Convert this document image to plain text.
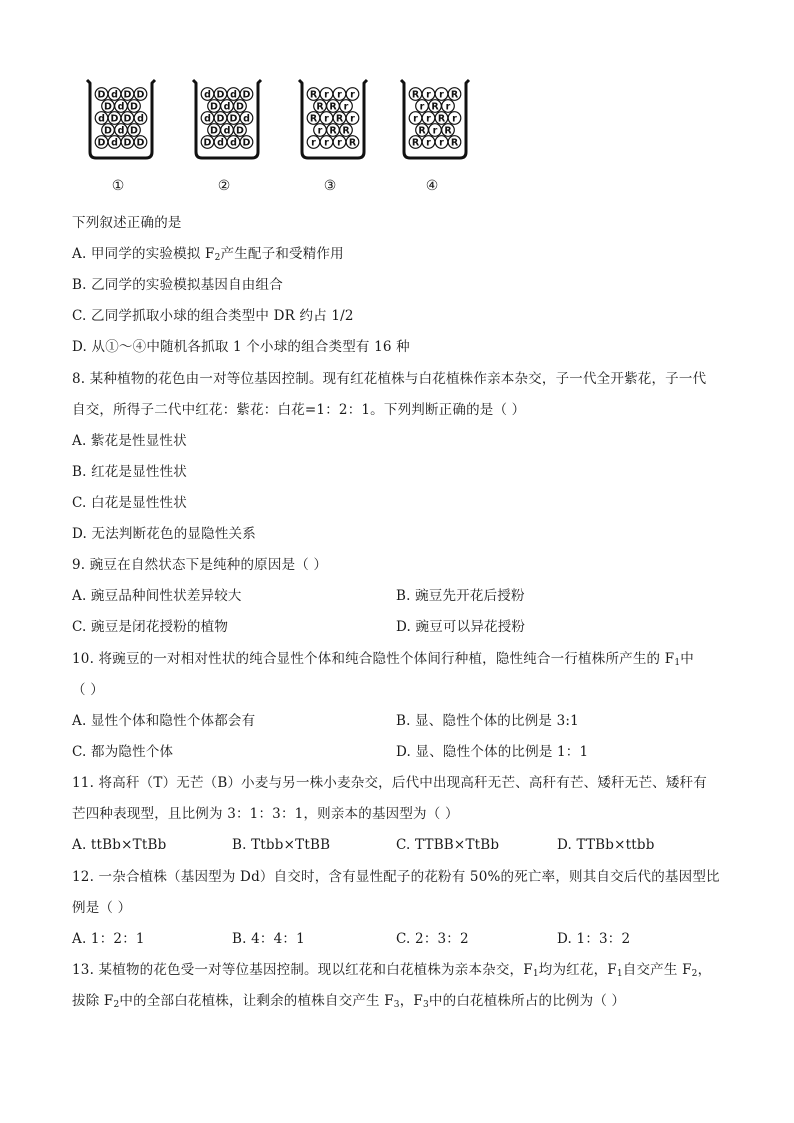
D d D D
D d D
d D D d
D d D
D d D D
d D d D
D d D
d D D d
D d D
D d d D
R r r r
R R r
R r R r
r R R
r r r R
R r r R
r R r
r r R r
R r R
R r r R
①	②	③	④
下列叙述正确的是
A. 甲同学的实验模拟 $F_2$产生配子和受精作用
B. 乙同学的实验模拟基因自由组合
C. 乙同学抓取小球的组合类型中 DR 约占 1/2
D. 从①～④中随机各抓取 1 个小球的组合类型有 16 种
8. 某种植物的花色由一对等位基因控制。现有红花植株与白花植株作亲本杂交，子一代全开紫花，子一代
自交，所得子二代中红花：紫花：白花=1：2：1。下列判断正确的是（ ）
A. 紫花是性显性状
B. 红花是显性性状
C. 白花是显性性状
D. 无法判断花色的显隐性关系
9. 豌豆在自然状态下是纯种的原因是（ ）
A. 豌豆品种间性状差异较大	B. 豌豆先开花后授粉
C. 豌豆是闭花授粉的植物	D. 豌豆可以异花授粉
10. 将豌豆的一对相对性状的纯合显性个体和纯合隐性个体间行种植，隐性纯合一行植株所产生的 $F_1$中
（ ）
A. 显性个体和隐性个体都会有	B. 显、隐性个体的比例是 3:1
C. 都为隐性个体	D. 显、隐性个体的比例是 1：1
11. 将高秆（T）无芒（B）小麦与另一株小麦杂交，后代中出现高秆无芒、高秆有芒、矮秆无芒、矮秆有
芒四种表现型，且比例为 3：1：3：1，则亲本的基因型为（ ）
A. ttBb×TtBb	B. Ttbb×TtBB	C. TTBB×TtBb	D. TTBb×ttbb
12. 一杂合植株（基因型为 Dd）自交时，含有显性配子的花粉有 50%的死亡率，则其自交后代的基因型比
例是（ ）
A. 1：2：1	B. 4：4：1	C. 2：3：2	D. 1：3：2
13. 某植物的花色受一对等位基因控制。现以红花和白花植株为亲本杂交，$F_1$均为红花，$F_1$自交产生 $F_2$，
拔除 $F_2$中的全部白花植株，让剩余的植株自交产生 $F_3$，$F_3$中的白花植株所占的比例为（ ）
